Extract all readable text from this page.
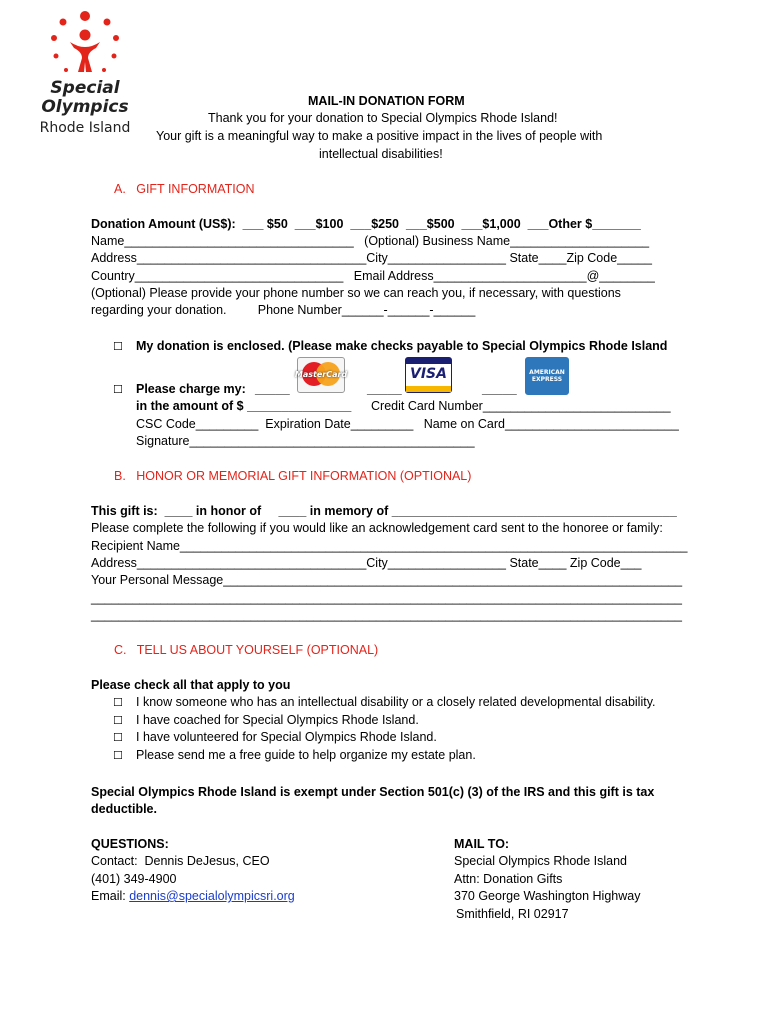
Special
Olympics
Rhode Island
MAIL-IN DONATION FORM
Thank you for your donation to Special Olympics Rhode Island!
Your gift is a meaningful way to make a positive impact in the lives of people with
intellectual disabilities!
A.   GIFT INFORMATION
Donation Amount (US$):  ___ $50  ___$100  ___$250  ___$500  ___$1,000  ___Other $_______
Name_________________________________   (Optional) Business Name____________________
Address_________________________________City_________________ State____Zip Code_____
Country______________________________   Email Address______________________@________
(Optional) Please provide your phone number so we can reach you, if necessary, with questions
regarding your donation.         Phone Number______-______-______
☐ My donation is enclosed. (Please make checks payable to Special Olympics Rhode Island
☐ Please charge my: _____
MasterCard
_____
VISA
_____
AMERICAN
EXPRESS
in the amount of $ _______________ Credit Card Number___________________________
CSC Code_________  Expiration Date_________   Name on Card_________________________
Signature_________________________________________
B.   HONOR OR MEMORIAL GIFT INFORMATION (OPTIONAL)
This gift is:  ____ in honor of     ____ in memory of _________________________________________
Please complete the following if you would like an acknowledgement card sent to the honoree or family:
Recipient Name_________________________________________________________________________
Address_________________________________City_________________ State____ Zip Code___
Your Personal Message__________________________________________________________________
_____________________________________________________________________________________
_____________________________________________________________________________________
C.   TELL US ABOUT YOURSELF (OPTIONAL)
Please check all that apply to you
☐ I know someone who has an intellectual disability or a closely related developmental disability.
☐ I have coached for Special Olympics Rhode Island.
☐ I have volunteered for Special Olympics Rhode Island.
☐ Please send me a free guide to help organize my estate plan.
Special Olympics Rhode Island is exempt under Section 501(c) (3) of the IRS and this gift is tax
deductible.
QUESTIONS:
Contact:  Dennis DeJesus, CEO
(401) 349-4900
Email: dennis@specialolympicsri.org
MAIL TO:
Special Olympics Rhode Island
Attn: Donation Gifts
370 George Washington Highway
Smithfield, RI 02917
